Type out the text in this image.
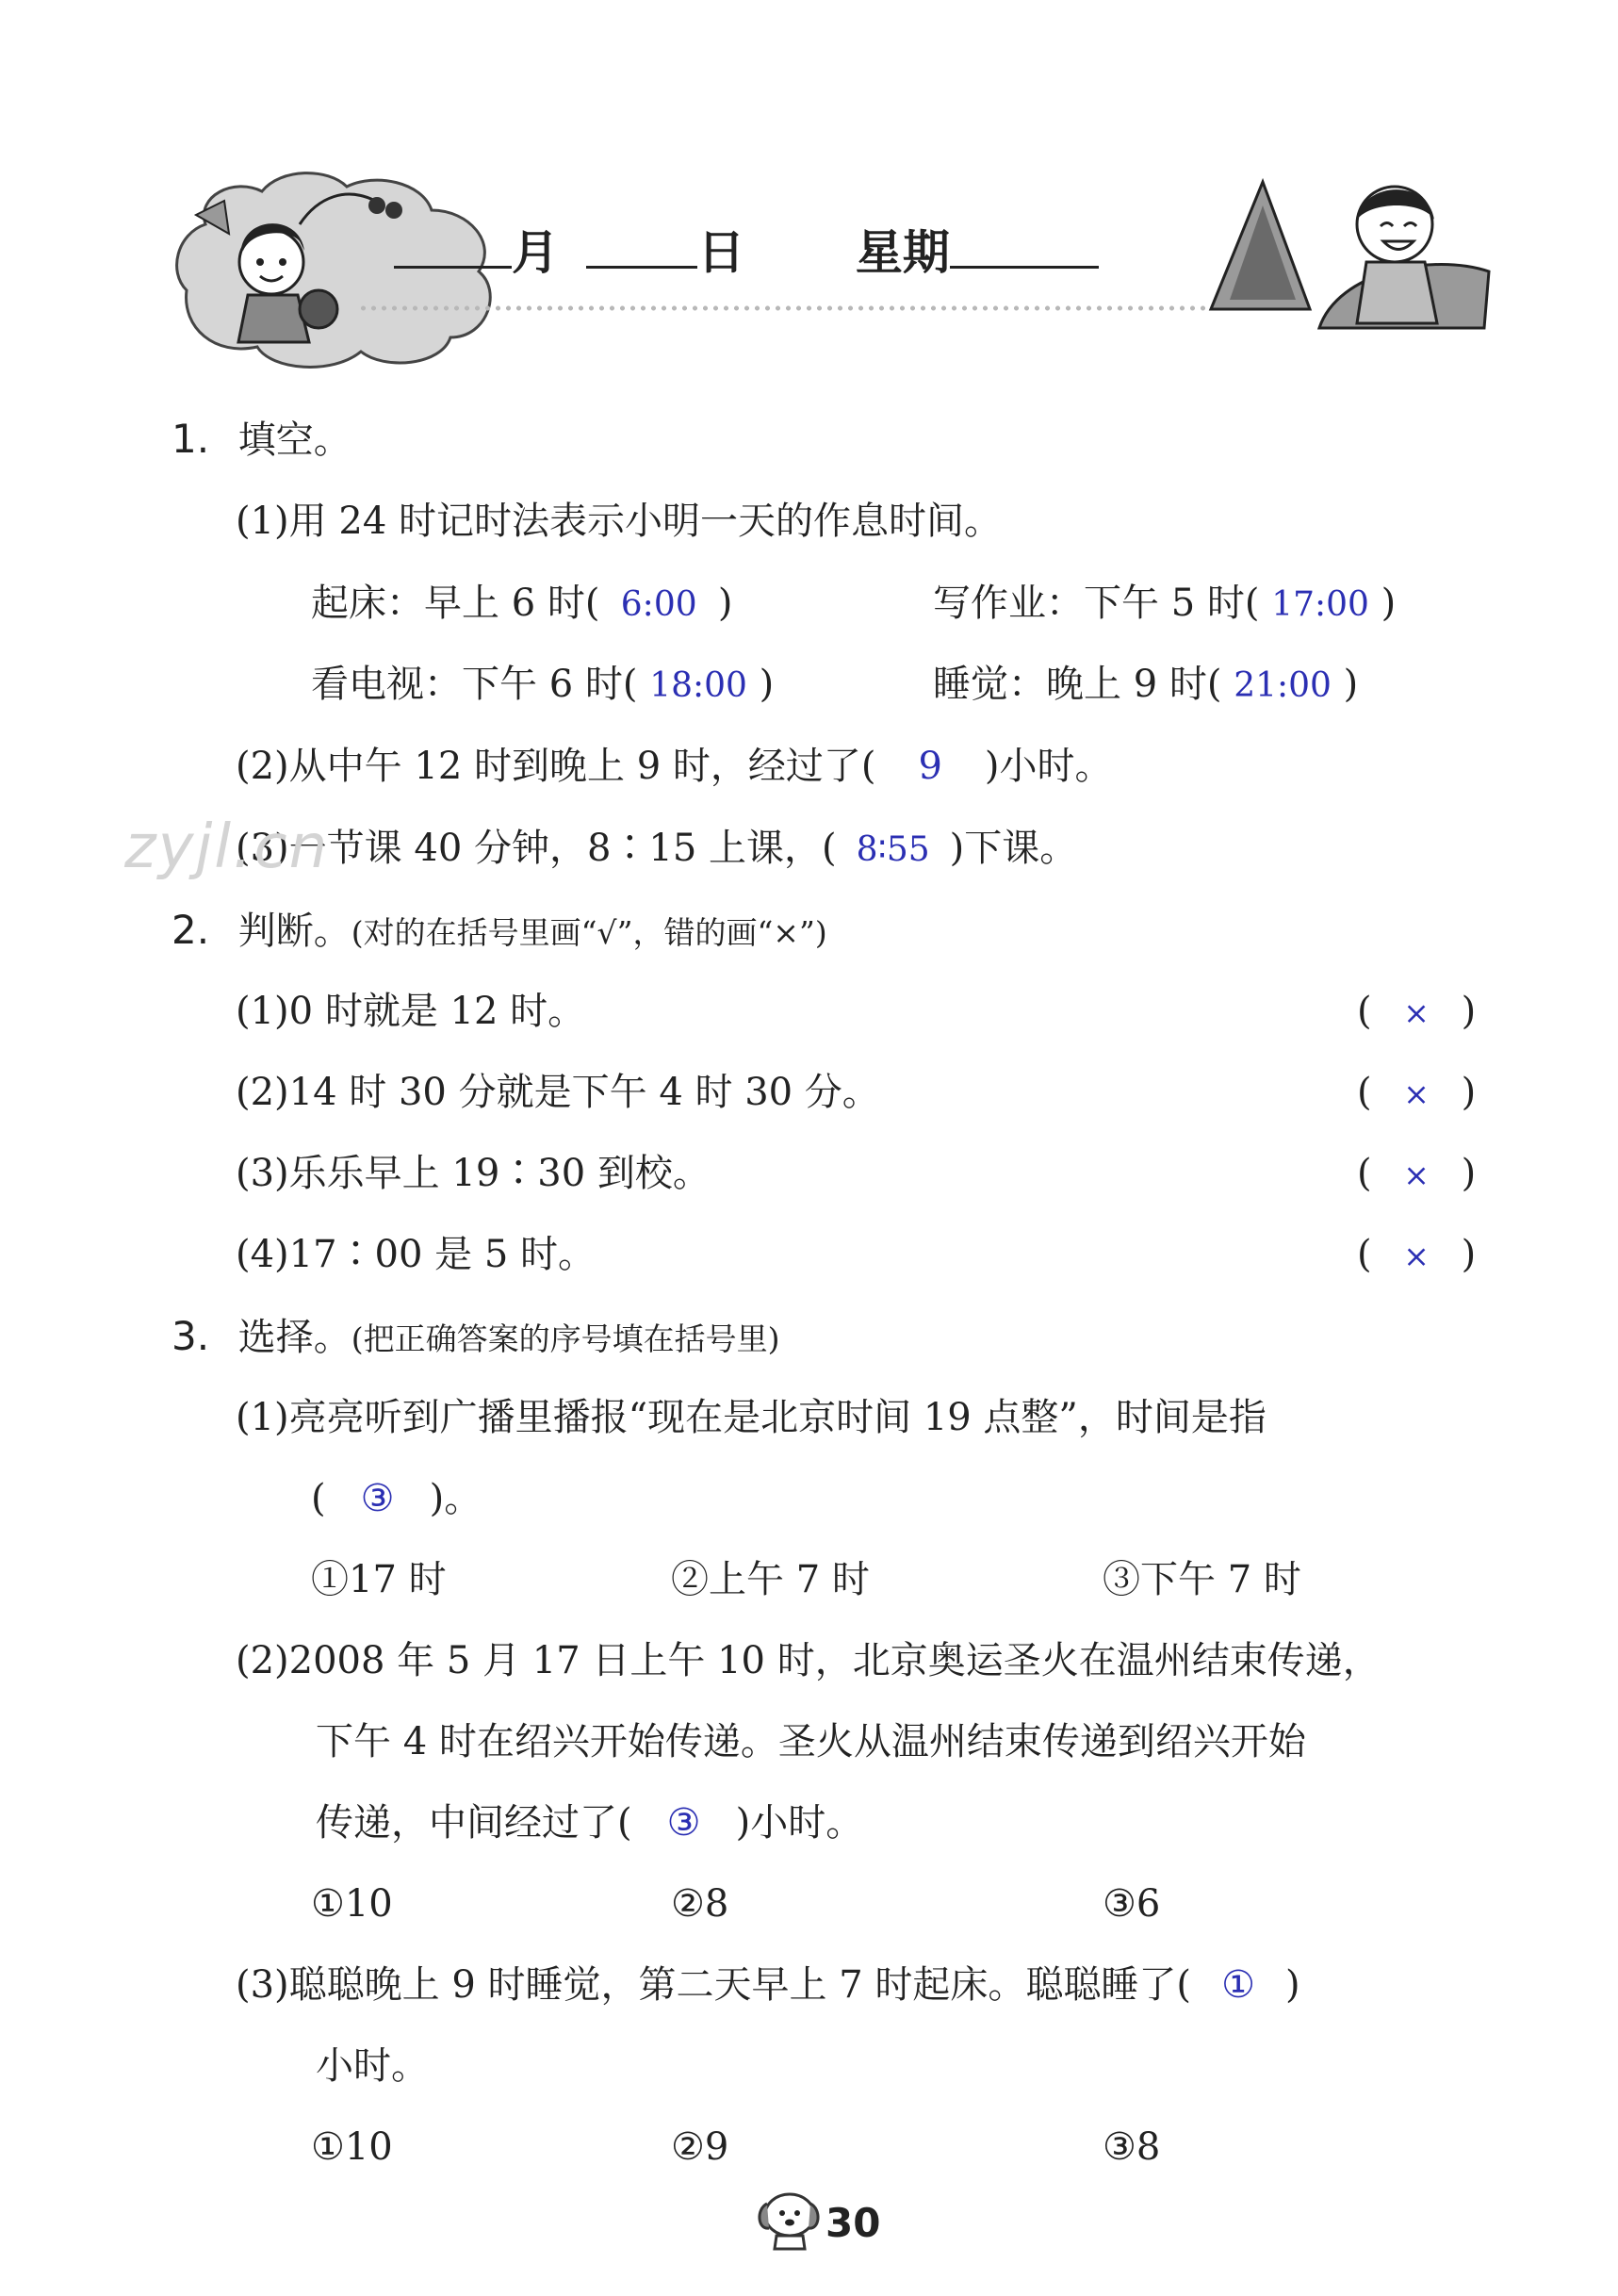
月	日 星期
1. 填空。
(1)用 24 时记时法表示小明一天的作息时间。
起床：早上 6 时( 6:00 )	写作业：下午 5 时( 17:00 )
看电视：下午 6 时( 18:00 )	睡觉：晚上 9 时( 21:00 )
(2)从中午 12 时到晚上 9 时，经过了( 9 )小时。
(3)一节课 40 分钟，8∶15 上课，( 8∶55 )下课。
2. 判断。(对的在括号里画“√”，错的画“×”)
(1)0 时就是 12 时。	( × )
(2)14 时 30 分就是下午 4 时 30 分。	( × )
(3)乐乐早上 19∶30 到校。	( × )
(4)17∶00 是 5 时。	( × )
3. 选择。(把正确答案的序号填在括号里)
(1)亮亮听到广播里播报“现在是北京时间 19 点整”，时间是指
( ③ )。
①17 时	②上午 7 时	③下午 7 时
(2)2008 年 5 月 17 日上午 10 时，北京奥运圣火在温州结束传递，
下午 4 时在绍兴开始传递。圣火从温州结束传递到绍兴开始
传递，中间经过了( ③ )小时。
①10	②8	③6
(3)聪聪晚上 9 时睡觉，第二天早上 7 时起床。聪聪睡了( ① )
小时。
①10	②9	③8
zyjl.cn
30
